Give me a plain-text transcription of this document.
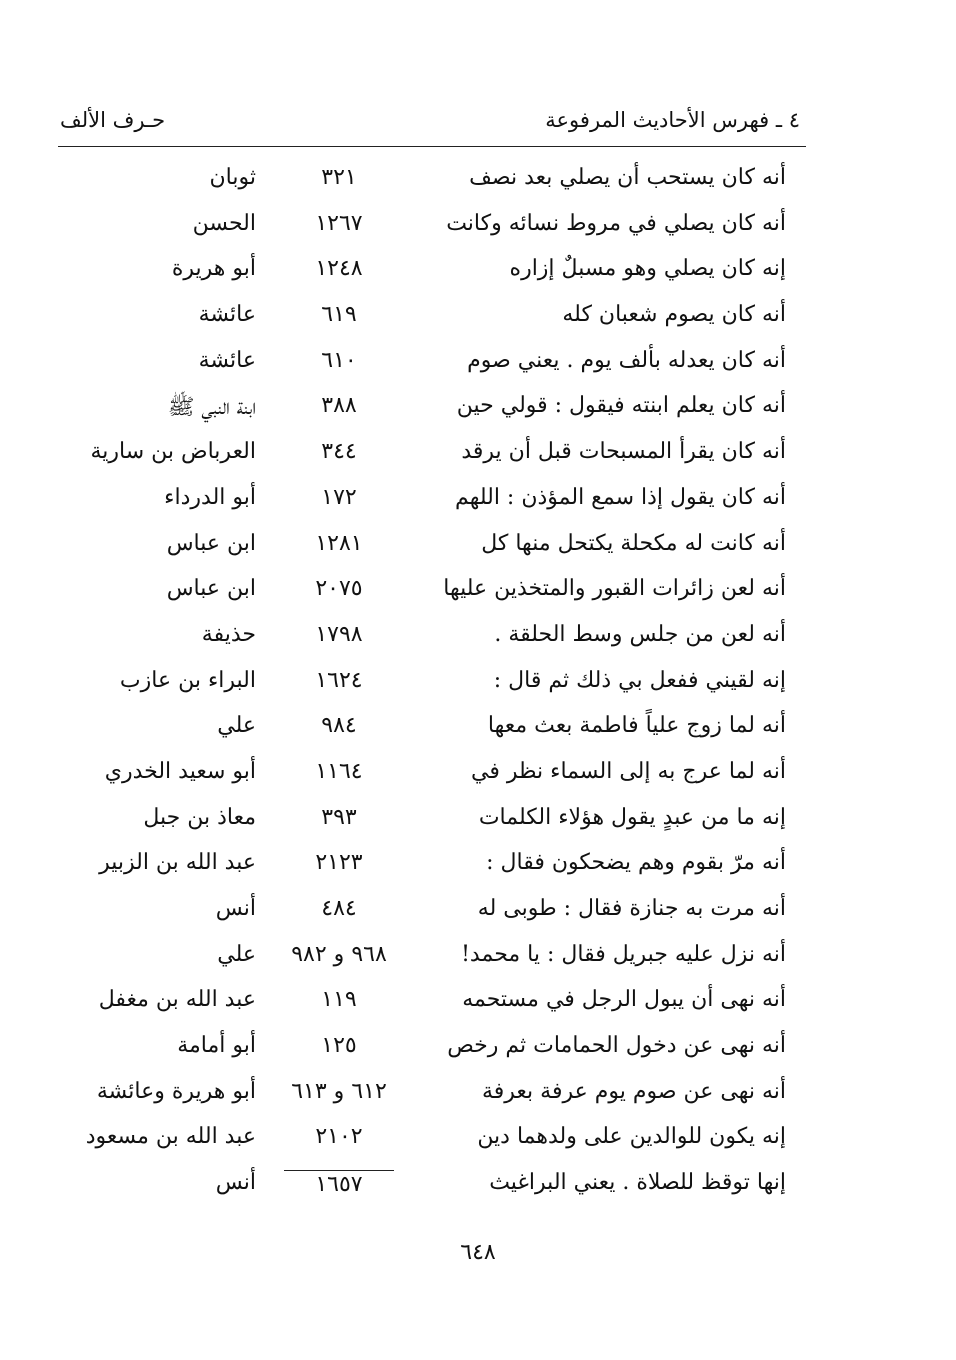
٤ ـ فهرس الأحاديث المرفوعة
حـرف الألف
أنه كان يستحب أن يصلي بعد نصف
٣٢١
ثوبان
أنه كان يصلي في مروط نسائه وكانت
١٢٦٧
الحسن
إنه كان يصلي وهو مسبلٌ إزاره
١٢٤٨
أبو هريرة
أنه كان يصوم شعبان كله
٦١٩
عائشة
أنه كان يعدله بألف يوم . يعني صوم
٦١٠
عائشة
أنه كان يعلم ابنته فيقول : قولي حين
٣٨٨
ابنة النبي ﷺ
أنه كان يقرأ المسبحات قبل أن يرقد
٣٤٤
العرباض بن سارية
أنه كان يقول إذا سمع المؤذن : اللهم
١٧٢
أبو الدرداء
أنه كانت له مكحلة يكتحل منها كل
١٢٨١
ابن عباس
أنه لعن زائرات القبور والمتخذين عليها
٢٠٧٥
ابن عباس
أنه لعن من جلس وسط الحلقة .
١٧٩٨
حذيفة
إنه لقيني ففعل بي ذلك ثم قال :
١٦٢٤
البراء بن عازب
أنه لما زوج علياً فاطمة بعث معها
٩٨٤
علي
أنه لما عرج به إلى السماء نظر في
١١٦٤
أبو سعيد الخدري
إنه ما من عبدٍ يقول هؤلاء الكلمات
٣٩٣
معاذ بن جبل
أنه مرّ بقوم وهم يضحكون فقال :
٢١٢٣
عبد الله بن الزبير
أنه مرت به جنازة فقال : طوبى له
٤٨٤
أنس
أنه نزل عليه جبريل فقال : يا محمد!
٩٦٨ و ٩٨٢
علي
أنه نهى أن يبول الرجل في مستحمه
١١٩
عبد الله بن مغفل
أنه نهى عن دخول الحمامات ثم رخص
١٢٥
أبو أمامة
أنه نهى عن صوم يوم عرفة بعرفة
٦١٢ و ٦١٣
أبو هريرة وعائشة
إنه يكون للوالدين على ولدهما دين
٢١٠٢
عبد الله بن مسعود
إنها توقظ للصلاة . يعني البراغيث
١٦٥٧
أنس
٦٤٨
